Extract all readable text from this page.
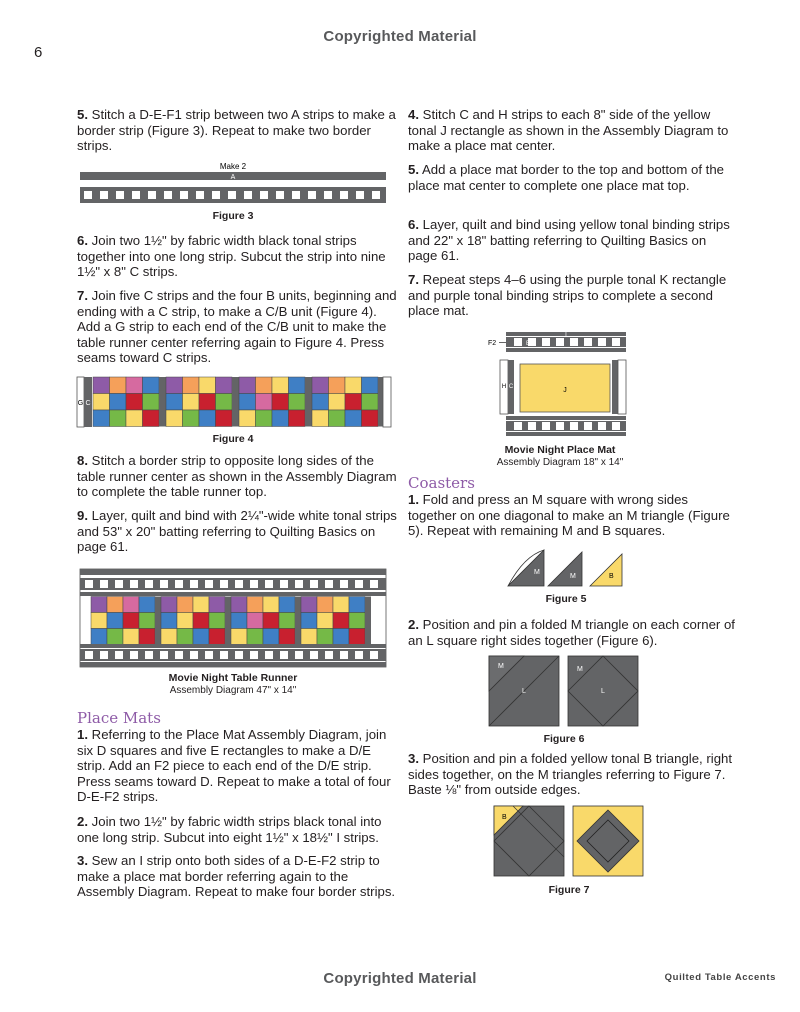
Copyrighted Material
6
Copyrighted Material	Quilted Table Accents
5. Stitch a D-E-F1 strip between two A strips to make a border strip (Figure 3). Repeat to make two border strips.
Make 2
A
Figure 3
6. Join two 1½" by fabric width black tonal strips together into one long strip. Subcut the strip into nine 1½" x 8" C strips.
7. Join five C strips and the four B units, beginning and ending with a C strip, to make a C/B unit (Figure 4). Add a G strip to each end of the C/B unit to make the table runner center referring again to Figure 4. Press seams toward C strips.
G C
Figure 4
8. Stitch a border strip to opposite long sides of the table runner center as shown in the Assembly Diagram to complete the table runner top.
9. Layer, quilt and bind with 2¼"-wide white tonal strips and 53" x 20" batting referring to Quilting Basics on page 61.
Movie Night Table Runner
Assembly Diagram 47" x 14"
Place Mats
1. Referring to the Place Mat Assembly Diagram, join six D squares and five E rectangles to make a D/E strip. Add an F2 piece to each end of the D/E strip. Press seams toward D. Repeat to make a total of four D-E-F2 strips.
2. Join two 1½" by fabric width strips black tonal into one long strip. Subcut into eight 1½" x 18½" I strips.
3. Sew an I strip onto both sides of a D-E-F2 strip to make a place mat border referring again to the Assembly Diagram. Repeat to make four border strips.
4. Stitch C and H strips to each 8" side of the yellow tonal J rectangle as shown in the Assembly Diagram to make a place mat center.
5. Add a place mat border to the top and bottom of the place mat center to complete one place mat top.
6. Layer, quilt and bind using yellow tonal binding strips and 22" x 18" batting referring to Quilting Basics on page 61.
7. Repeat steps 4–6 using the purple tonal K rectangle and purple tonal binding strips to complete a second place mat.
I
F2	D E
H C	J
Movie Night Place Mat
Assembly Diagram 18" x 14"
Coasters
1. Fold and press an M square with wrong sides together on one diagonal to make an M triangle (Figure 5). Repeat with remaining M and B squares.
M
M	B
Figure 5
2. Position and pin a folded M triangle on each corner of an L square right sides together (Figure 6).
M
L
M
L
Figure 6
3. Position and pin a folded yellow tonal B triangle, right sides together, on the M triangles referring to Figure 7. Baste ⅛" from outside edges.
B
Figure 7
